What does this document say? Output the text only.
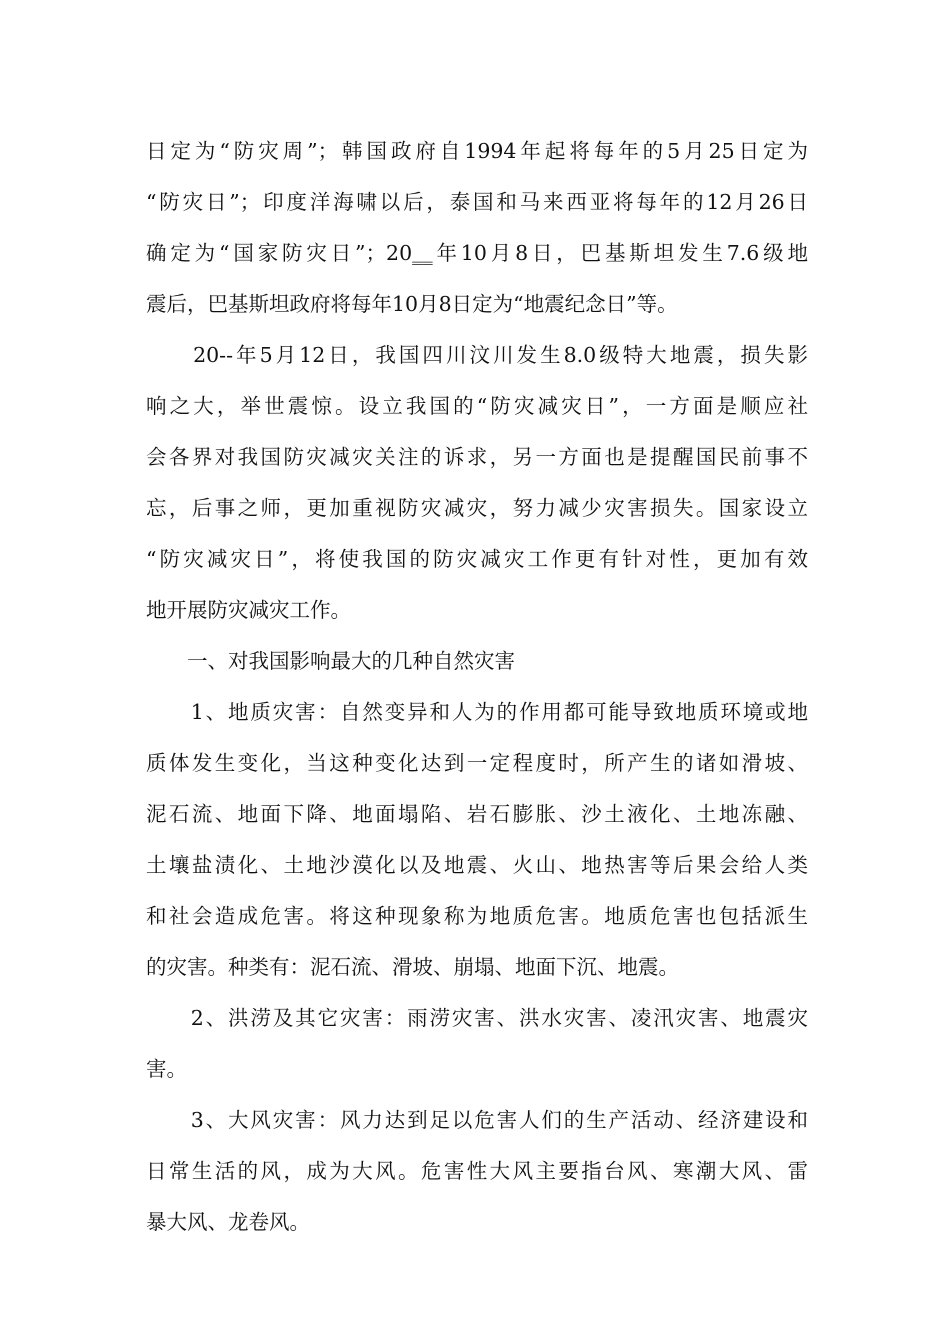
日定为“防灾周”；韩国政府自1994年起将每年的5月25日定为
“防灾日”；印度洋海啸以后，泰国和马来西亚将每年的12月26日
确定为“国家防灾日”；20‗‗年10月8日，巴基斯坦发生7.6级地
震后，巴基斯坦政府将每年10月8日定为“地震纪念日”等。
　　20--年5月12日，我国四川汶川发生8.0级特大地震，损失影
响之大，举世震惊。设立我国的“防灾减灾日”，一方面是顺应社
会各界对我国防灾减灾关注的诉求，另一方面也是提醒国民前事不
忘，后事之师，更加重视防灾减灾，努力减少灾害损失。国家设立
“防灾减灾日”，将使我国的防灾减灾工作更有针对性，更加有效
地开展防灾减灾工作。
　　一、对我国影响最大的几种自然灾害
　　1、地质灾害：自然变异和人为的作用都可能导致地质环境或地
质体发生变化，当这种变化达到一定程度时，所产生的诸如滑坡、
泥石流、地面下降、地面塌陷、岩石膨胀、沙土液化、土地冻融、
土壤盐渍化、土地沙漠化以及地震、火山、地热害等后果会给人类
和社会造成危害。将这种现象称为地质危害。地质危害也包括派生
的灾害。种类有：泥石流、滑坡、崩塌、地面下沉、地震。
　　2、洪涝及其它灾害：雨涝灾害、洪水灾害、凌汛灾害、地震灾
害。
　　3、大风灾害：风力达到足以危害人们的生产活动、经济建设和
日常生活的风，成为大风。危害性大风主要指台风、寒潮大风、雷
暴大风、龙卷风。
